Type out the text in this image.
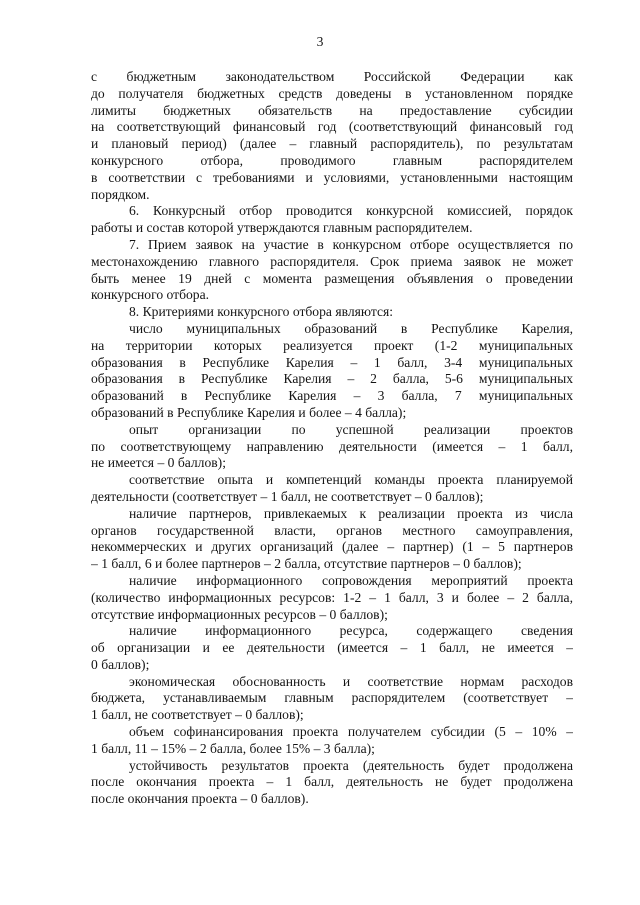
3
с бюджетным законодательством Российской Федерации как
до получателя бюджетных средств доведены в установленном порядке
лимиты бюджетных обязательств на предоставление субсидии
на соответствующий финансовый год (соответствующий финансовый год
и плановый период) (далее – главный распорядитель), по результатам
конкурсного отбора, проводимого главным распорядителем
в соответствии с требованиями и условиями, установленными настоящим
порядком.
6. Конкурсный отбор проводится конкурсной комиссией, порядок
работы и состав которой утверждаются главным распорядителем.
7. Прием заявок на участие в конкурсном отборе осуществляется по
местонахождению главного распорядителя. Срок приема заявок не может
быть менее 19 дней с момента размещения объявления о проведении
конкурсного отбора.
8. Критериями конкурсного отбора являются:
число муниципальных образований в Республике Карелия,
на территории которых реализуется проект (1-2 муниципальных
образования в Республике Карелия – 1 балл, 3-4 муниципальных
образования в Республике Карелия – 2 балла, 5-6 муниципальных
образований в Республике Карелия – 3 балла, 7 муниципальных
образований в Республике Карелия и более – 4 балла);
опыт организации по успешной реализации проектов
по соответствующему направлению деятельности (имеется – 1 балл,
не имеется – 0 баллов);
соответствие опыта и компетенций команды проекта планируемой
деятельности (соответствует – 1 балл, не соответствует – 0 баллов);
наличие партнеров, привлекаемых к реализации проекта из числа
органов государственной власти, органов местного самоуправления,
некоммерческих и других организаций (далее – партнер) (1 – 5 партнеров
– 1 балл, 6 и более партнеров – 2 балла, отсутствие партнеров – 0 баллов);
наличие информационного сопровождения мероприятий проекта
(количество информационных ресурсов: 1-2 – 1 балл, 3 и более – 2 балла,
отсутствие информационных ресурсов – 0 баллов);
наличие информационного ресурса, содержащего сведения
об организации и ее деятельности (имеется – 1 балл, не имеется –
0 баллов);
экономическая обоснованность и соответствие нормам расходов
бюджета, устанавливаемым главным распорядителем (соответствует –
1 балл, не соответствует – 0 баллов);
объем софинансирования проекта получателем субсидии (5 – 10% –
1 балл, 11 – 15% – 2 балла, более 15% – 3 балла);
устойчивость результатов проекта (деятельность будет продолжена
после окончания проекта – 1 балл, деятельность не будет продолжена
после окончания проекта – 0 баллов).
